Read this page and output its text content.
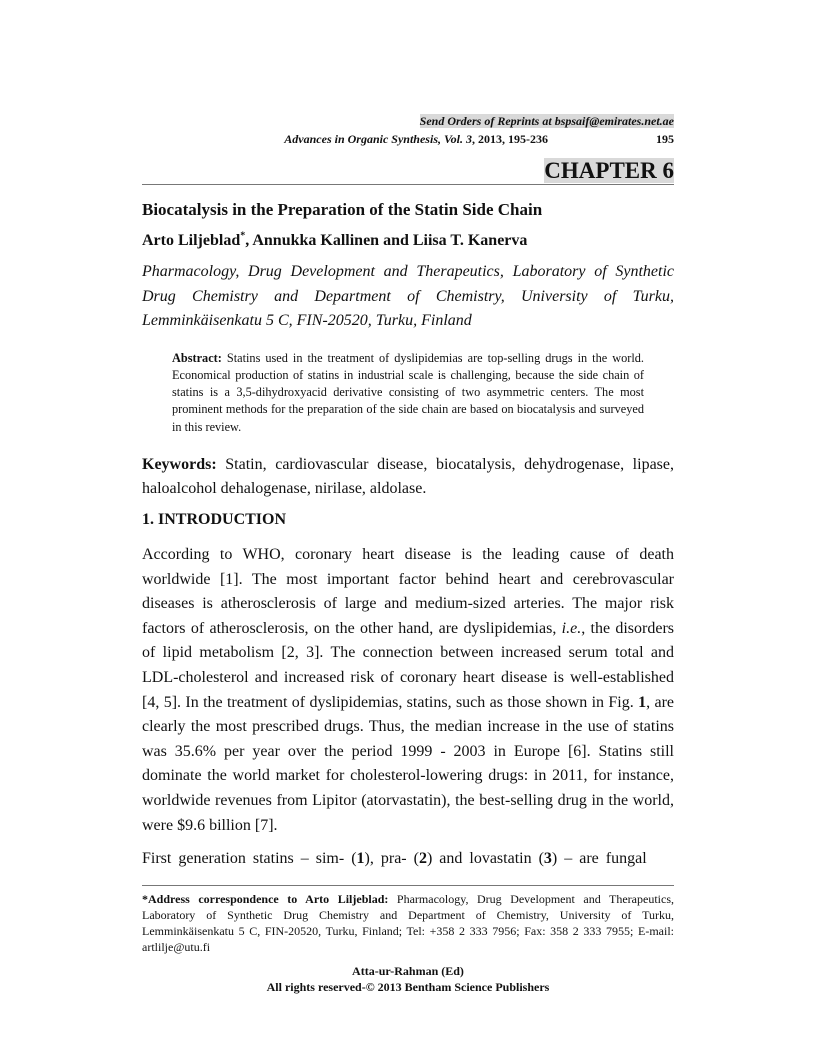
Send Orders of Reprints at bspsaif@emirates.net.ae
Advances in Organic Synthesis, Vol. 3, 2013, 195-236	195
CHAPTER 6
Biocatalysis in the Preparation of the Statin Side Chain
Arto Liljeblad*, Annukka Kallinen and Liisa T. Kanerva
Pharmacology, Drug Development and Therapeutics, Laboratory of Synthetic Drug Chemistry and Department of Chemistry, University of Turku, Lemminkäisenkatu 5 C, FIN-20520, Turku, Finland
Abstract: Statins used in the treatment of dyslipidemias are top-selling drugs in the world. Economical production of statins in industrial scale is challenging, because the side chain of statins is a 3,5-dihydroxyacid derivative consisting of two asymmetric centers. The most prominent methods for the preparation of the side chain are based on biocatalysis and surveyed in this review.
Keywords: Statin, cardiovascular disease, biocatalysis, dehydrogenase, lipase, haloalcohol dehalogenase, nirilase, aldolase.
1. INTRODUCTION
According to WHO, coronary heart disease is the leading cause of death worldwide [1]. The most important factor behind heart and cerebrovascular diseases is atherosclerosis of large and medium-sized arteries. The major risk factors of atherosclerosis, on the other hand, are dyslipidemias, i.e., the disorders of lipid metabolism [2, 3]. The connection between increased serum total and LDL-cholesterol and increased risk of coronary heart disease is well-established [4, 5]. In the treatment of dyslipidemias, statins, such as those shown in Fig. 1, are clearly the most prescribed drugs. Thus, the median increase in the use of statins was 35.6% per year over the period 1999 - 2003 in Europe [6]. Statins still dominate the world market for cholesterol-lowering drugs: in 2011, for instance, worldwide revenues from Lipitor (atorvastatin), the best-selling drug in the world, were $9.6 billion [7].
First generation statins – sim- (1), pra- (2) and lovastatin (3) – are fungal
*Address correspondence to Arto Liljeblad: Pharmacology, Drug Development and Therapeutics, Laboratory of Synthetic Drug Chemistry and Department of Chemistry, University of Turku, Lemminkäisenkatu 5 C, FIN-20520, Turku, Finland; Tel: +358 2 333 7956; Fax: 358 2 333 7955; E-mail: artlilje@utu.fi
Atta-ur-Rahman (Ed)
All rights reserved-© 2013 Bentham Science Publishers
